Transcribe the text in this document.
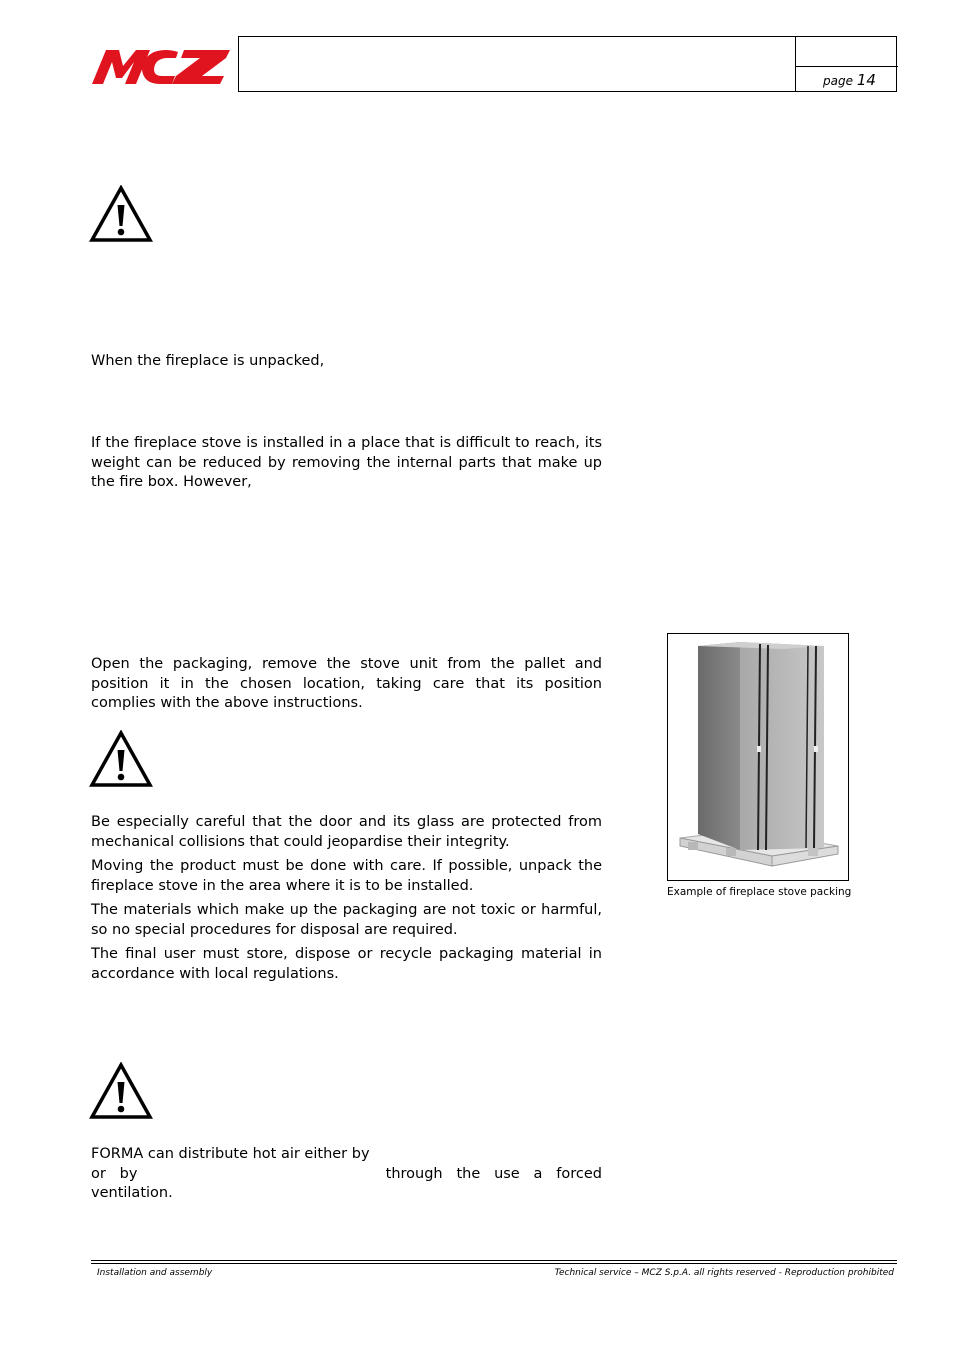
page 14

When the fireplace is unpacked,

If the fireplace stove is installed in a place that is difficult to reach, its weight can be reduced by removing the internal parts that make up the fire box. However,

Open the packaging, remove the stove unit from the pallet and position it in the chosen location, taking care that its position complies with the above instructions.

Be especially careful that the door and its glass are protected from mechanical collisions that could jeopardise their integrity.

Moving the product must be done with care. If possible, unpack the fireplace stove in the area where it is to be installed.

The materials which make up the packaging are not toxic or harmful, so no special procedures for disposal are required.

The final user must store, dispose or recycle packaging material in accordance with local regulations.

FORMA can distribute hot air either by
or   by	through   the   use   a   forced
ventilation.
Example of fireplace stove packing
Installation and assembly	Technical service – MCZ S.p.A. all rights reserved - Reproduction prohibited
